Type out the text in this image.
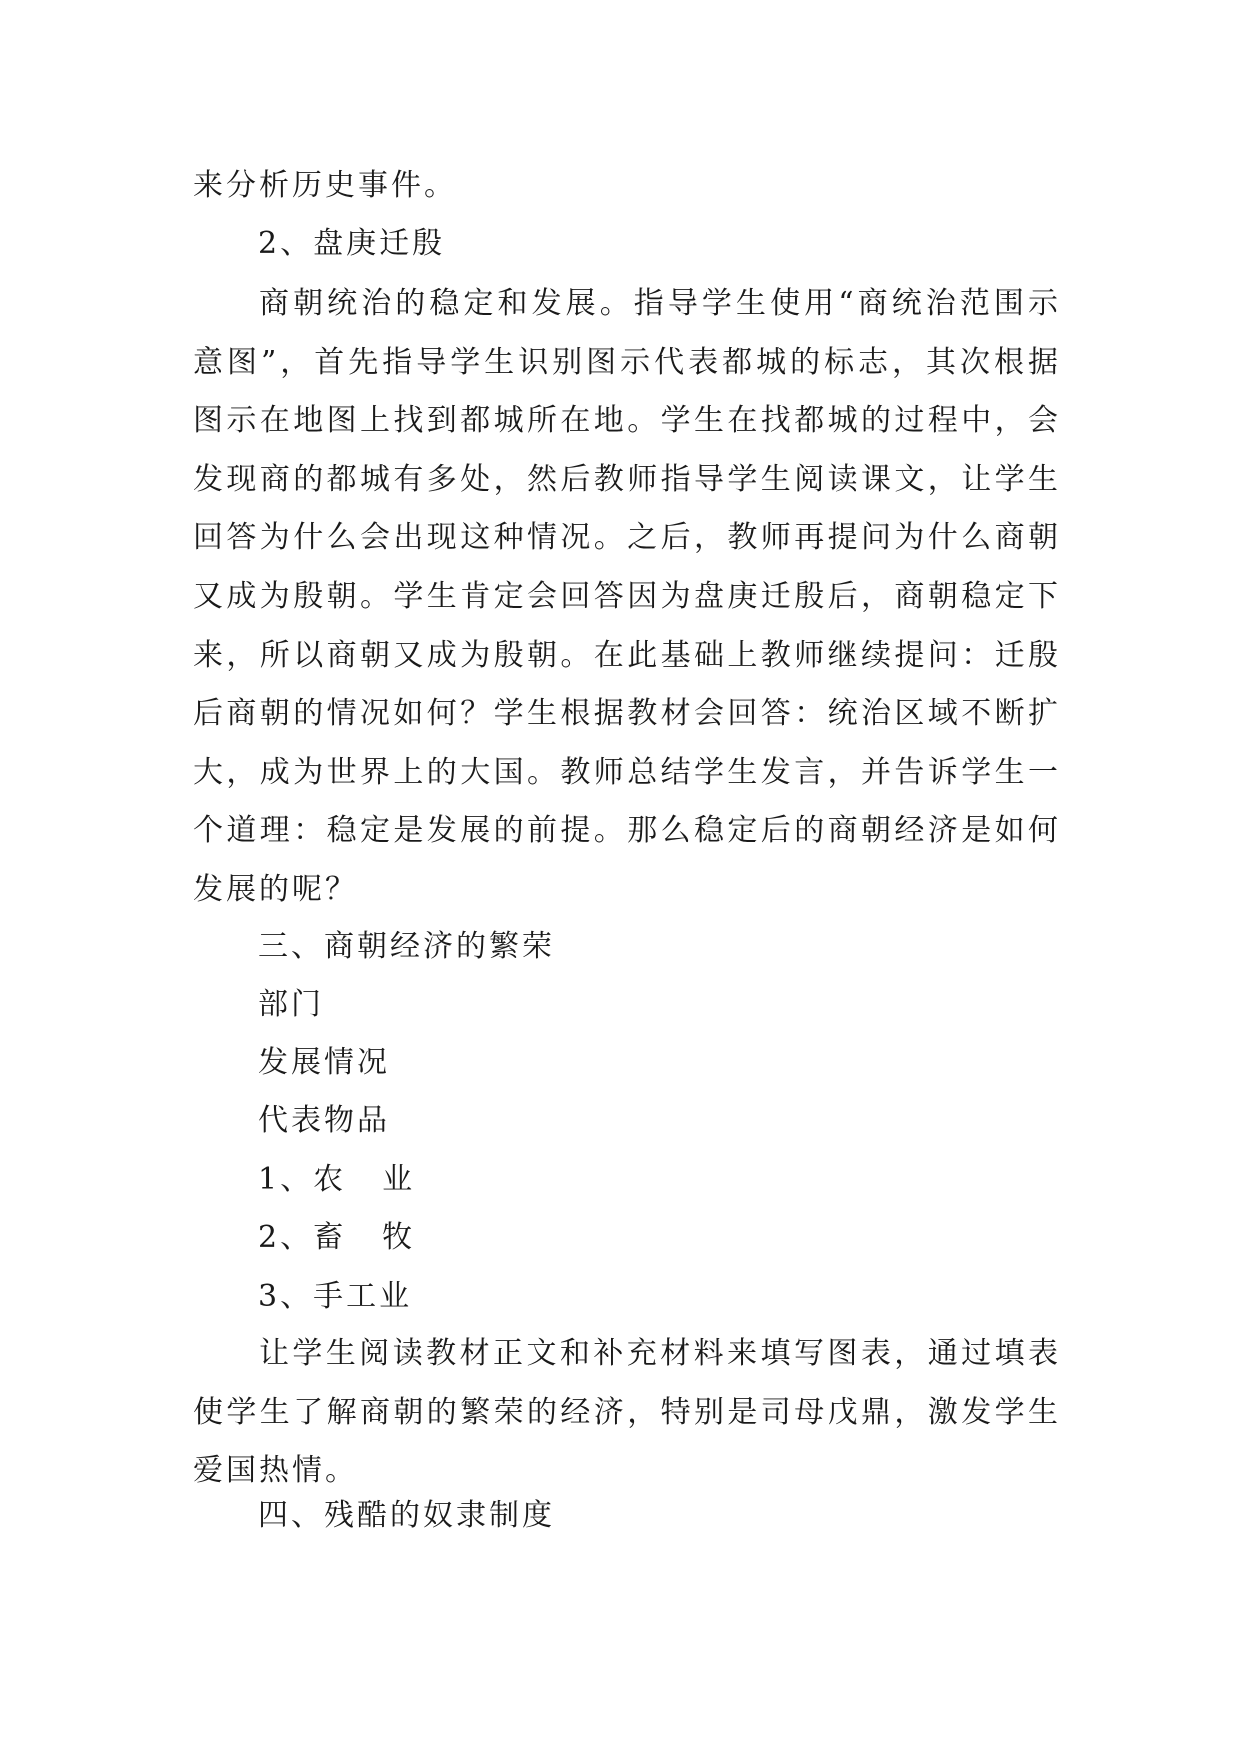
来分析历史事件。

2、盘庚迁殷

商朝统治的稳定和发展。指导学生使用“商统治范围示意图”，首先指导学生识别图示代表都城的标志，其次根据图示在地图上找到都城所在地。学生在找都城的过程中，会发现商的都城有多处，然后教师指导学生阅读课文，让学生回答为什么会出现这种情况。之后，教师再提问为什么商朝又成为殷朝。学生肯定会回答因为盘庚迁殷后，商朝稳定下来，所以商朝又成为殷朝。在此基础上教师继续提问：迁殷后商朝的情况如何？学生根据教材会回答：统治区域不断扩大，成为世界上的大国。教师总结学生发言，并告诉学生一个道理：稳定是发展的前提。那么稳定后的商朝经济是如何发展的呢？

三、商朝经济的繁荣

部门

发展情况

代表物品

1、农 业

2、畜 牧

3、手工业

让学生阅读教材正文和补充材料来填写图表，通过填表使学生了解商朝的繁荣的经济，特别是司母戊鼎，激发学生爱国热情。

四、残酷的奴隶制度
